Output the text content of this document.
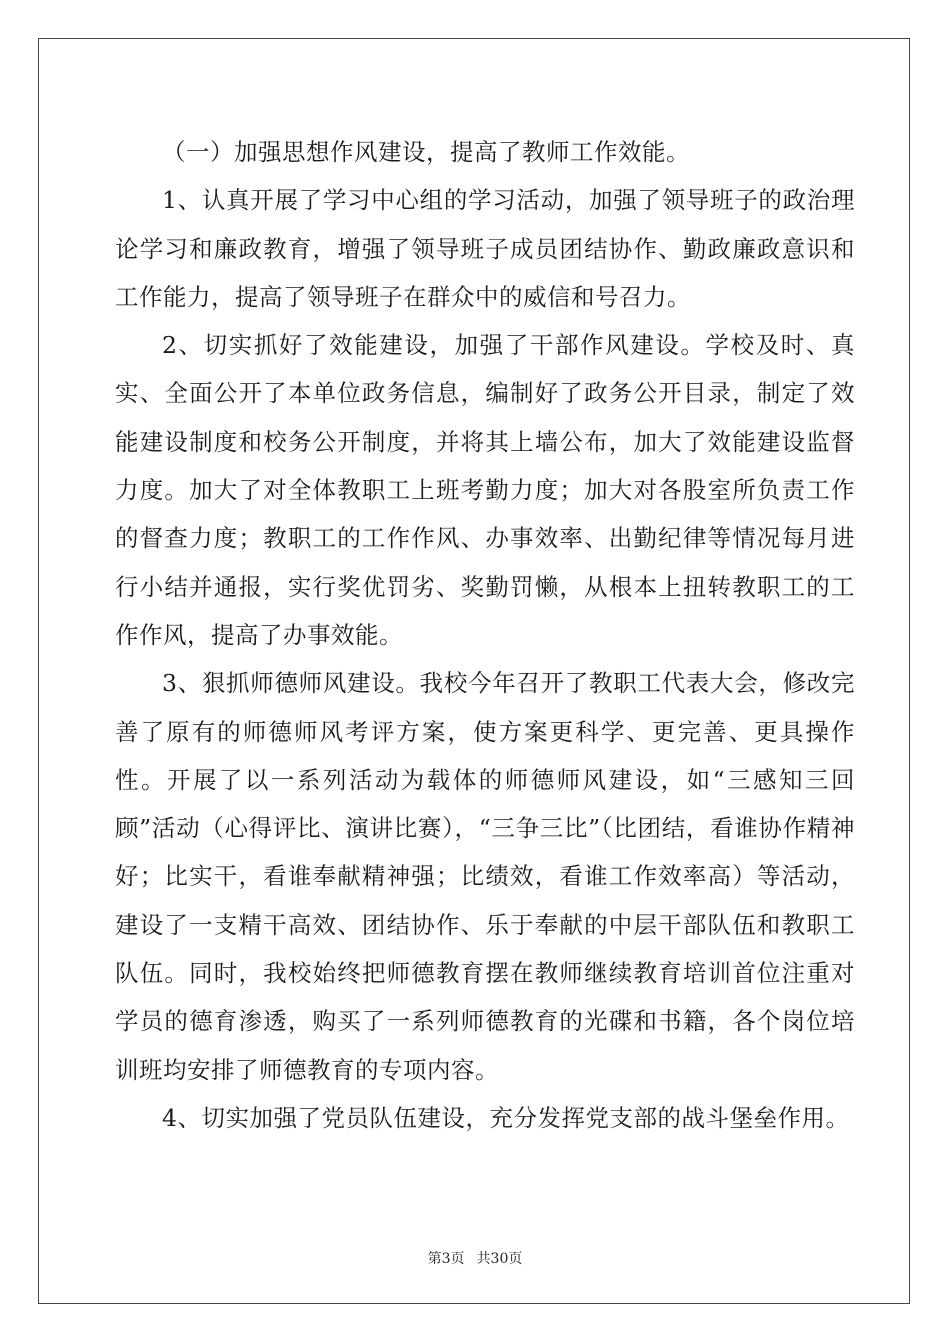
（一）加强思想作风建设，提高了教师工作效能。

1、认真开展了学习中心组的学习活动，加强了领导班子的政治理论学习和廉政教育，增强了领导班子成员团结协作、勤政廉政意识和工作能力，提高了领导班子在群众中的威信和号召力。

2、切实抓好了效能建设，加强了干部作风建设。学校及时、真实、全面公开了本单位政务信息，编制好了政务公开目录，制定了效能建设制度和校务公开制度，并将其上墙公布，加大了效能建设监督力度。加大了对全体教职工上班考勤力度；加大对各股室所负责工作的督查力度；教职工的工作作风、办事效率、出勤纪律等情况每月进行小结并通报，实行奖优罚劣、奖勤罚懒，从根本上扭转教职工的工作作风，提高了办事效能。

3、狠抓师德师风建设。我校今年召开了教职工代表大会，修改完善了原有的师德师风考评方案，使方案更科学、更完善、更具操作性。开展了以一系列活动为载体的师德师风建设，如“三感知三回顾”活动（心得评比、演讲比赛），“三争三比”（比团结，看谁协作精神好；比实干，看谁奉献精神强；比绩效，看谁工作效率高）等活动，建设了一支精干高效、团结协作、乐于奉献的中层干部队伍和教职工队伍。同时，我校始终把师德教育摆在教师继续教育培训首位注重对学员的德育渗透，购买了一系列师德教育的光碟和书籍，各个岗位培训班均安排了师德教育的专项内容。

4、切实加强了党员队伍建设，充分发挥党支部的战斗堡垒作用。

第3页 共30页
